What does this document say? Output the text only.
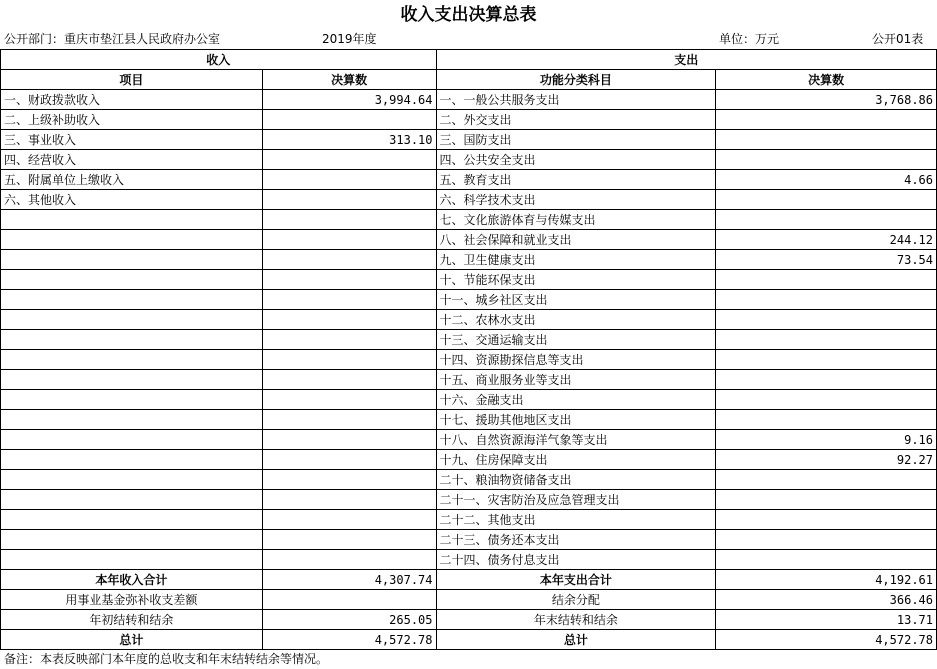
收入支出决算总表
公开部门：重庆市垫江县人民政府办公室	2019年度	单位：万元	公开01表
收入		支出	
项目	决算数	功能分类科目	决算数
一、财政拨款收入	3,994.64	一、一般公共服务支出	3,768.86
二、上级补助收入		二、外交支出	
三、事业收入	313.10	三、国防支出	
四、经营收入		四、公共安全支出	
五、附属单位上缴收入		五、教育支出	4.66
六、其他收入		六、科学技术支出	
		七、文化旅游体育与传媒支出	
		八、社会保障和就业支出	244.12
		九、卫生健康支出	73.54
		十、节能环保支出	
		十一、城乡社区支出	
		十二、农林水支出	
		十三、交通运输支出	
		十四、资源勘探信息等支出	
		十五、商业服务业等支出	
		十六、金融支出	
		十七、援助其他地区支出	
		十八、自然资源海洋气象等支出	9.16
		十九、住房保障支出	92.27
		二十、粮油物资储备支出	
		二十一、灾害防治及应急管理支出	
		二十二、其他支出	
		二十三、债务还本支出	
		二十四、债务付息支出	
本年收入合计	4,307.74	本年支出合计	4,192.61
用事业基金弥补收支差额		结余分配	366.46
年初结转和结余	265.05	年末结转和结余	13.71
总计	4,572.78	总计	4,572.78
备注：本表反映部门本年度的总收支和年末结转结余等情况。
